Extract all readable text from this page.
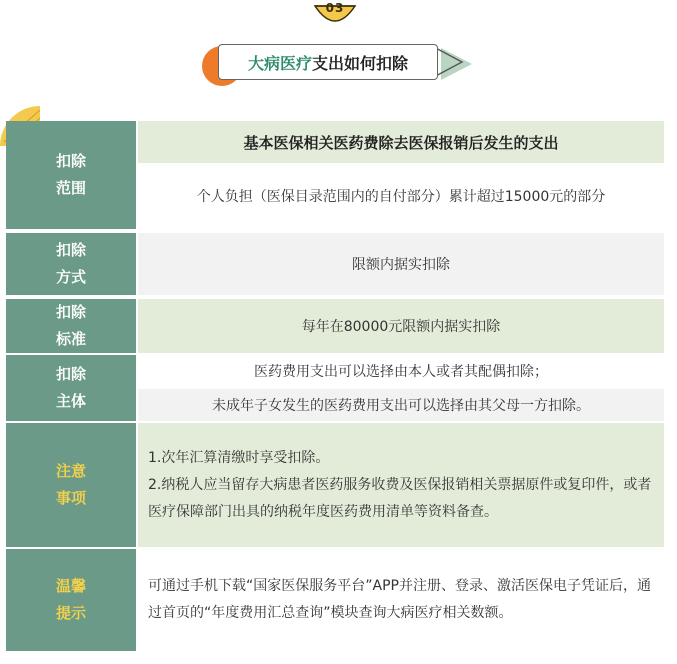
03
大病医疗 支出如何扣除
扣除
范围
基本医保相关医药费除去医保报销后发生的支出
个人负担（医保目录范围内的自付部分）累计超过15000元的部分
扣除
方式
限额内据实扣除
扣除
标准
每年在80000元限额内据实扣除
扣除
主体
医药费用支出可以选择由本人或者其配偶扣除；
未成年子女发生的医药费用支出可以选择由其父母一方扣除。
注意
事项
1.次年汇算清缴时享受扣除。
2.纳税人应当留存大病患者医药服务收费及医保报销相关票据原件或复印件，或者医疗保障部门出具的纳税年度医药费用清单等资料备查。
温馨
提示
可通过手机下载“国家医保服务平台”APP并注册、登录、激活医保电子凭证后，通过首页的“年度费用汇总查询”模块查询大病医疗相关数额。
